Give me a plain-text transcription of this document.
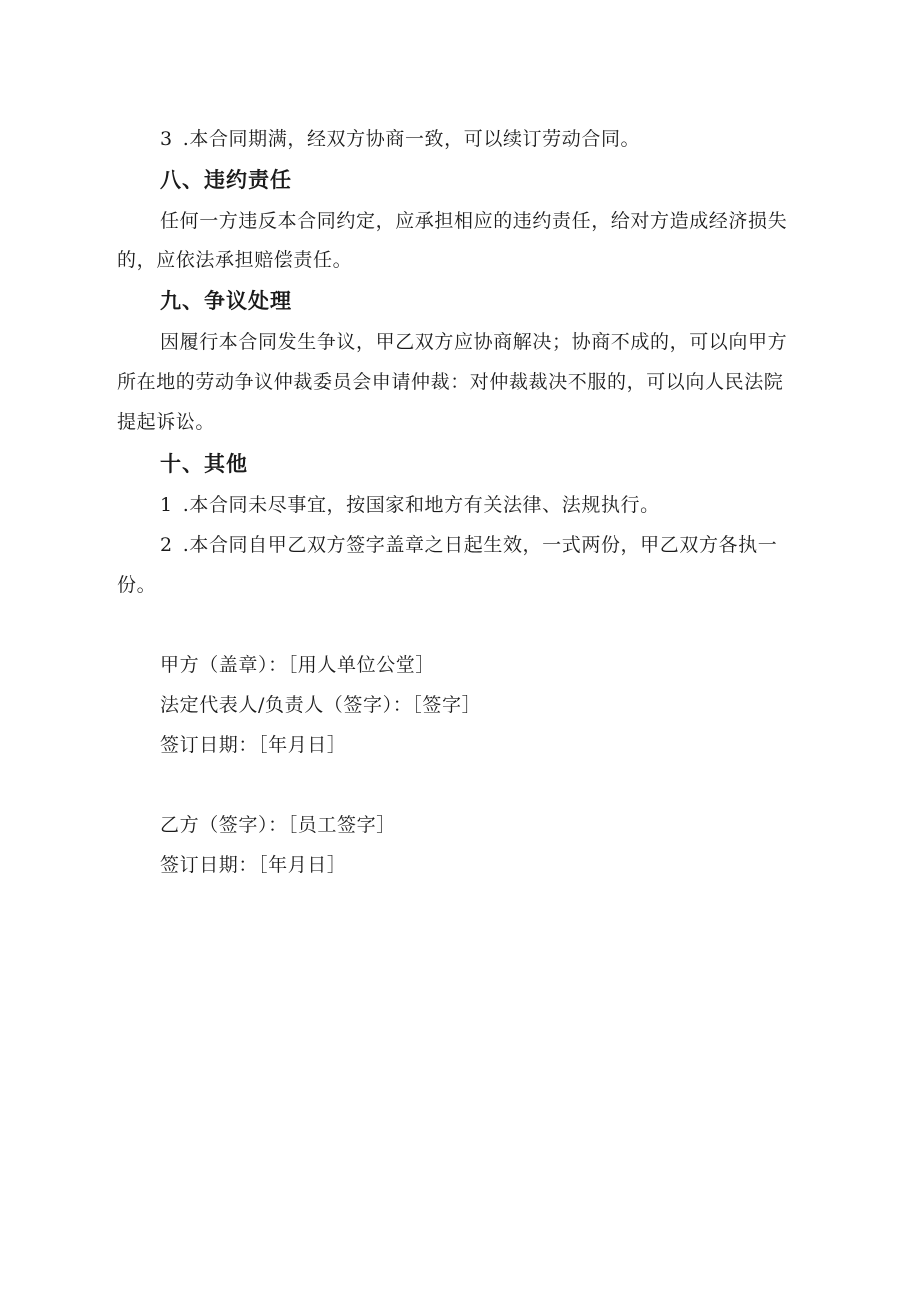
3 .本合同期满，经双方协商一致，可以续订劳动合同。
八、违约责任
任何一方违反本合同约定，应承担相应的违约责任，给对方造成经济损失
的，应依法承担赔偿责任。
九、争议处理
因履行本合同发生争议，甲乙双方应协商解决；协商不成的，可以向甲方
所在地的劳动争议仲裁委员会申请仲裁：对仲裁裁决不服的，可以向人民法院
提起诉讼。
十、其他
1 .本合同未尽事宜，按国家和地方有关法律、法规执行。
2 .本合同自甲乙双方签字盖章之日起生效，一式两份，甲乙双方各执一
份。
甲方（盖章）：［用人单位公堂］
法定代表人/负责人（签字）：［签字］
签订日期：［年月日］
乙方（签字）：［员工签字］
签订日期：［年月日］
